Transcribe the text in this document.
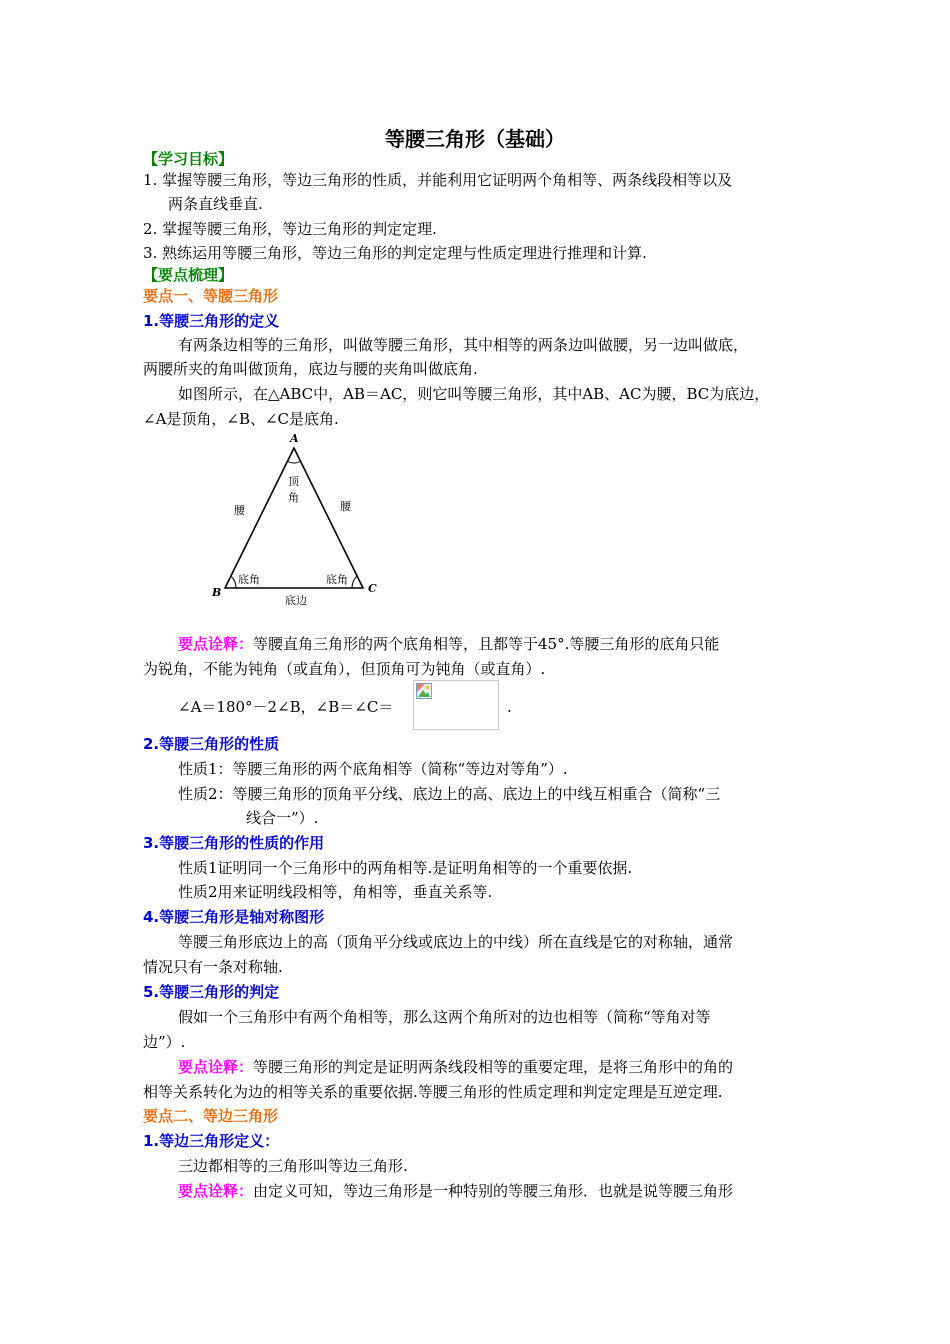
等腰三角形（基础）
【学习目标】
1. 掌握等腰三角形，等边三角形的性质，并能利用它证明两个角相等、两条线段相等以及
两条直线垂直.
2. 掌握等腰三角形，等边三角形的判定定理.
3. 熟练运用等腰三角形，等边三角形的判定定理与性质定理进行推理和计算.
【要点梳理】
要点一、等腰三角形
1.等腰三角形的定义
有两条边相等的三角形，叫做等腰三角形，其中相等的两条边叫做腰，另一边叫做底，
两腰所夹的角叫做顶角，底边与腰的夹角叫做底角.
如图所示，在△ABC中，AB＝AC，则它叫等腰三角形，其中AB、AC为腰，BC为底边，
∠A是顶角，∠B、∠C是底角.
A
B	C
顶
角
腰	腰
底角	底角
底边
要点诠释：等腰直角三角形的两个底角相等，且都等于45°.等腰三角形的底角只能
为锐角，不能为钝角（或直角），但顶角可为钝角（或直角）.
∠A＝180°－2∠B，∠B＝∠C＝	.
2.等腰三角形的性质
性质1：等腰三角形的两个底角相等（简称“等边对等角”）.
性质2：等腰三角形的顶角平分线、底边上的高、底边上的中线互相重合（简称“三
线合一”）.
3.等腰三角形的性质的作用
性质1证明同一个三角形中的两角相等.是证明角相等的一个重要依据.
性质2用来证明线段相等，角相等，垂直关系等.
4.等腰三角形是轴对称图形
等腰三角形底边上的高（顶角平分线或底边上的中线）所在直线是它的对称轴，通常
情况只有一条对称轴.
5.等腰三角形的判定
假如一个三角形中有两个角相等，那么这两个角所对的边也相等（简称“等角对等
边”）.
要点诠释：等腰三角形的判定是证明两条线段相等的重要定理，是将三角形中的角的
相等关系转化为边的相等关系的重要依据.等腰三角形的性质定理和判定定理是互逆定理.
要点二、等边三角形
1.等边三角形定义：
三边都相等的三角形叫等边三角形.
要点诠释：由定义可知，等边三角形是一种特别的等腰三角形．也就是说等腰三角形
